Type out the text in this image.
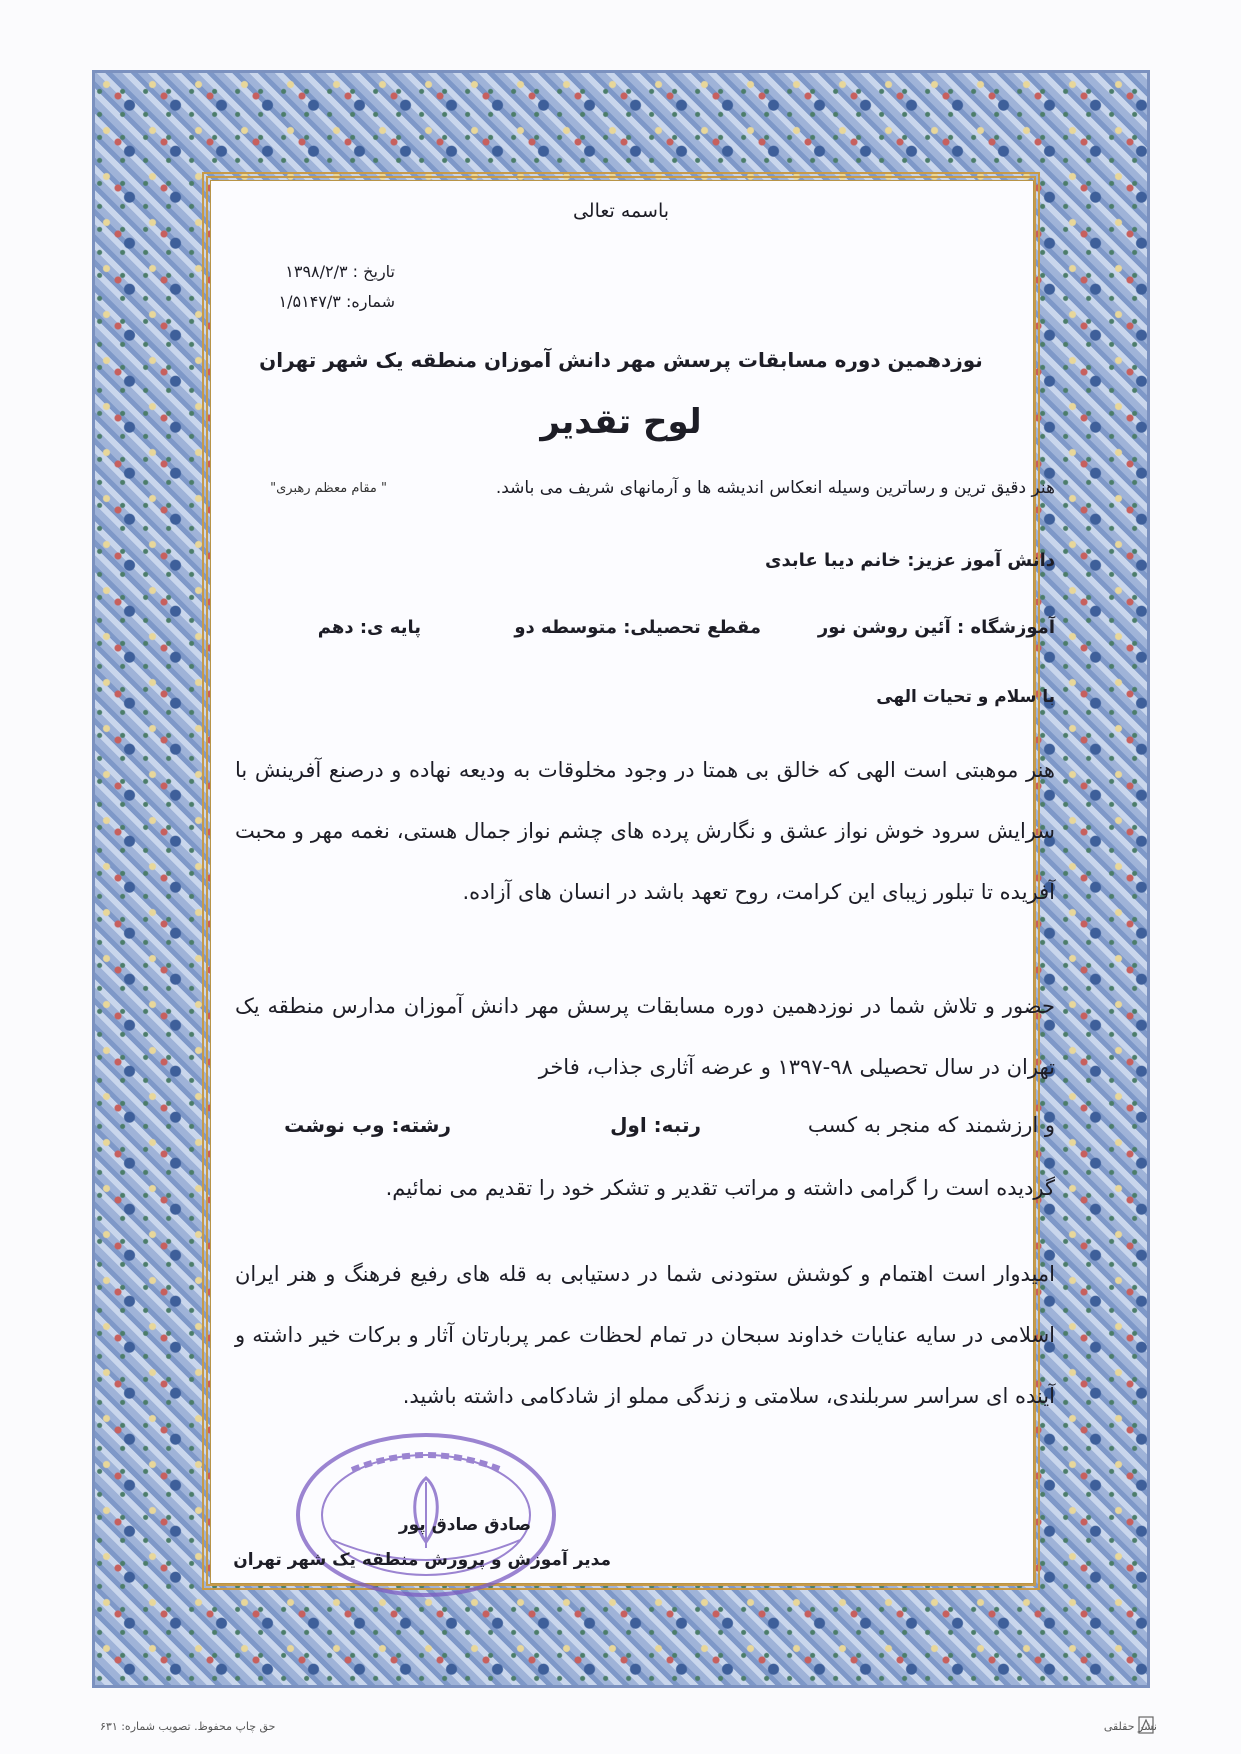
باسمه تعالی
تاریخ : ۱۳۹۸/۲/۳
شماره: ۱/۵۱۴۷/۳
نوزدهمین دوره مسابقات پرسش مهر دانش آموزان منطقه یک شهر تهران
لوح تقدیر
هنر دقیق ترین و رساترین وسیله انعکاس اندیشه ها و آرمانهای شریف می باشد.
" مقام معظم رهبری"
دانش آموز عزیز: خانم دیبا عابدی
آموزشگاه : آئین روشن نور
مقطع تحصیلی: متوسطه دو
پایه ی: دهم
با سلام و تحیات الهی
هنر موهبتی است الهی که خالق بی همتا در وجود مخلوقات به ودیعه نهاده و درصنع آفرینش با سرایش سرود خوش نواز عشق و نگارش پرده های چشم نواز جمال هستی، نغمه مهر و محبت آفریده تا تبلور زیبای این کرامت، روح تعهد باشد در انسان های آزاده.
حضور و تلاش شما در نوزدهمین دوره مسابقات پرسش مهر دانش آموزان مدارس منطقه یک تهران در سال تحصیلی ۹۸-۱۳۹۷ و عرضه آثاری جذاب، فاخر
و ارزشمند که منجر به کسب
رتبه: اول
رشته: وب نوشت
گردیده است را گرامی داشته و مراتب تقدیر و تشکر خود را تقدیم می نمائیم.
امیدوار است اهتمام و کوشش ستودنی شما در دستیابی به قله های رفیع فرهنگ و هنر ایران اسلامی در سایه عنایات خداوند سبحان در تمام لحظات عمر پربارتان آثار و برکات خیر داشته و آینده ای سراسر سربلندی، سلامتی و زندگی مملو از شادکامی داشته باشید.
صادق صادق پور
مدیر آموزش و پرورش منطقه یک شهر تهران
حق چاپ محفوظ. تصویب شماره: ۶۳۱	نشر حقلقی
